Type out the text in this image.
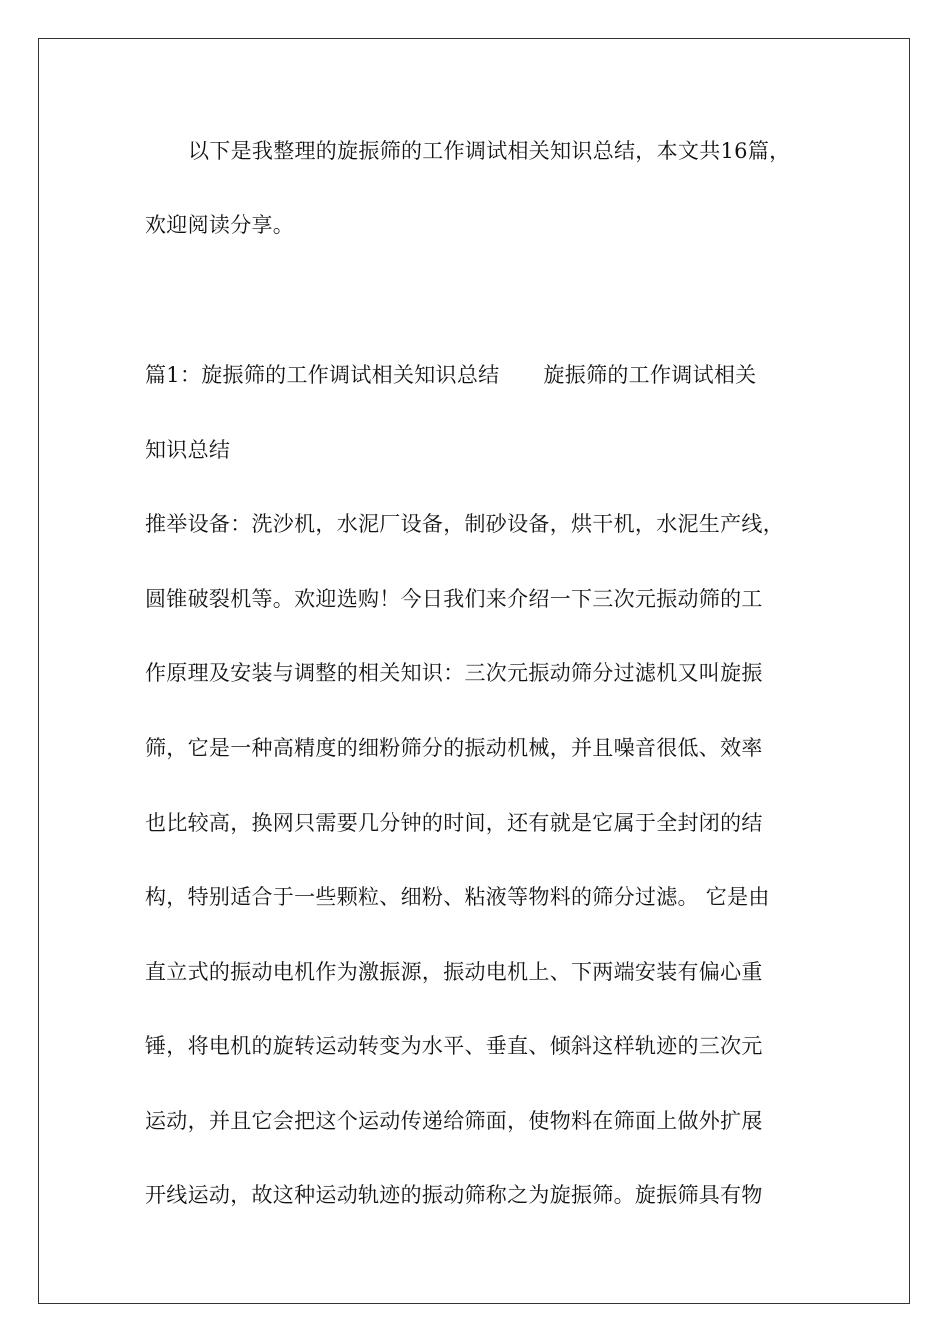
以下是我整理的旋振筛的工作调试相关知识总结，本文共16篇，
欢迎阅读分享。
篇1：旋振筛的工作调试相关知识总结 旋振筛的工作调试相关
知识总结
推举设备：洗沙机，水泥厂设备，制砂设备，烘干机，水泥生产线，
圆锥破裂机等。欢迎选购！今日我们来介绍一下三次元振动筛的工
作原理及安装与调整的相关知识：三次元振动筛分过滤机又叫旋振
筛，它是一种高精度的细粉筛分的振动机械，并且噪音很低、效率
也比较高，换网只需要几分钟的时间，还有就是它属于全封闭的结
构，特别适合于一些颗粒、细粉、粘液等物料的筛分过滤。 它是由
直立式的振动电机作为激振源，振动电机上、下两端安装有偏心重
锤，将电机的旋转运动转变为水平、垂直、倾斜这样轨迹的三次元
运动，并且它会把这个运动传递给筛面，使物料在筛面上做外扩展
开线运动，故这种运动轨迹的振动筛称之为旋振筛。旋振筛具有物
